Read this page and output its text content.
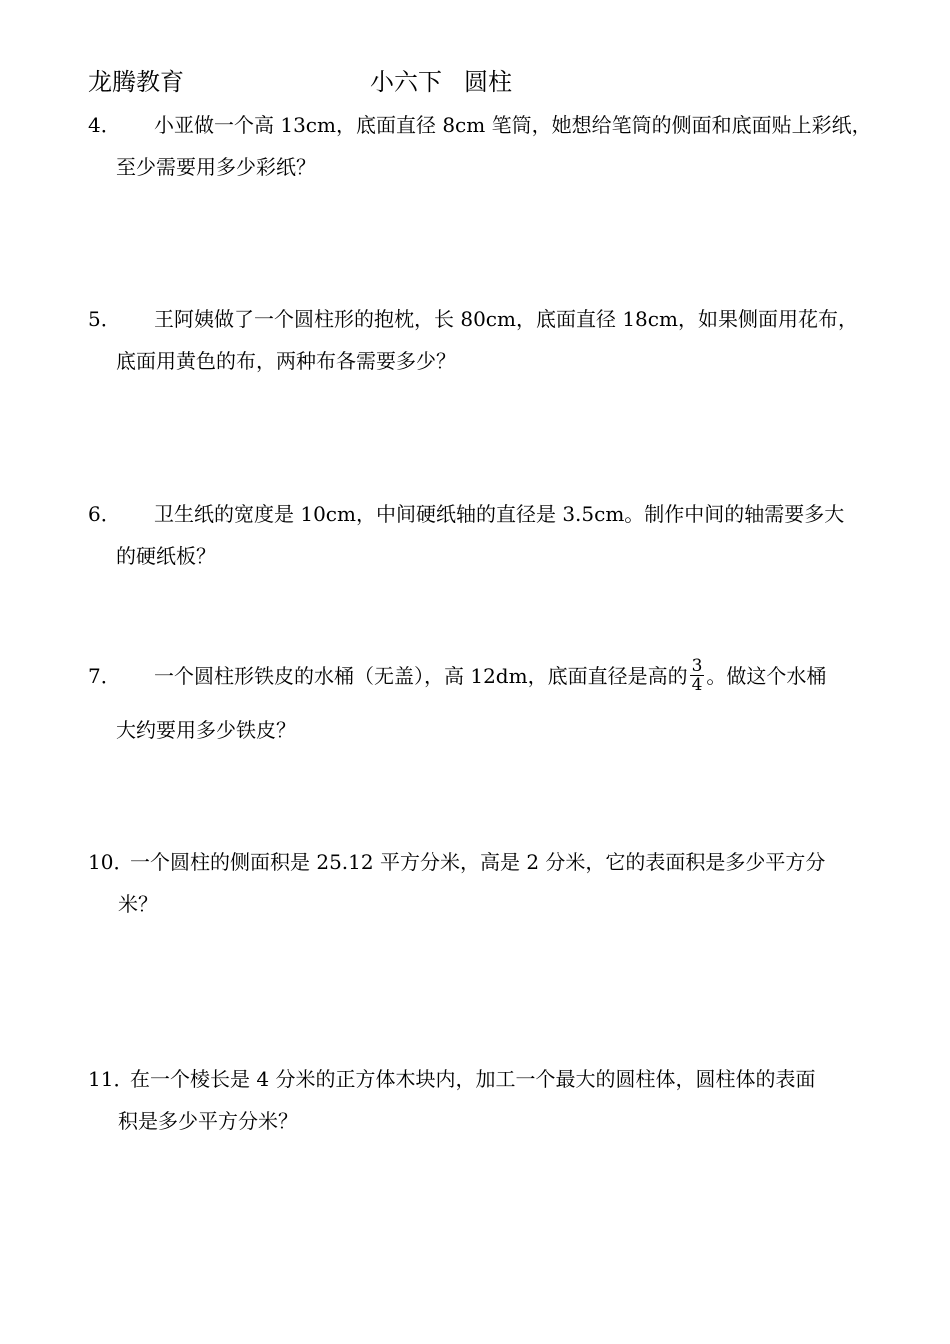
龙腾教育	小六下 圆柱
4． 小亚做一个高 13cm，底面直径 8cm 笔筒，她想给笔筒的侧面和底面贴上彩纸，
至少需要用多少彩纸？
5． 王阿姨做了一个圆柱形的抱枕，长 80cm，底面直径 18cm，如果侧面用花布，
底面用黄色的布，两种布各需要多少？
6． 卫生纸的宽度是 10cm，中间硬纸轴的直径是 3.5cm。制作中间的轴需要多大
的硬纸板？
7． 一个圆柱形铁皮的水桶（无盖），高 12dm，底面直径是高的 $\frac{3}{4}$ 。做这个水桶
大约要用多少铁皮？
10．
一个圆柱的侧面积是 25.12 平方分米，高是 2 分米，它的表面积是多少平方分
米？
11．
在一个棱长是 4 分米的正方体木块内，加工一个最大的圆柱体，圆柱体的表面
积是多少平方分米？
